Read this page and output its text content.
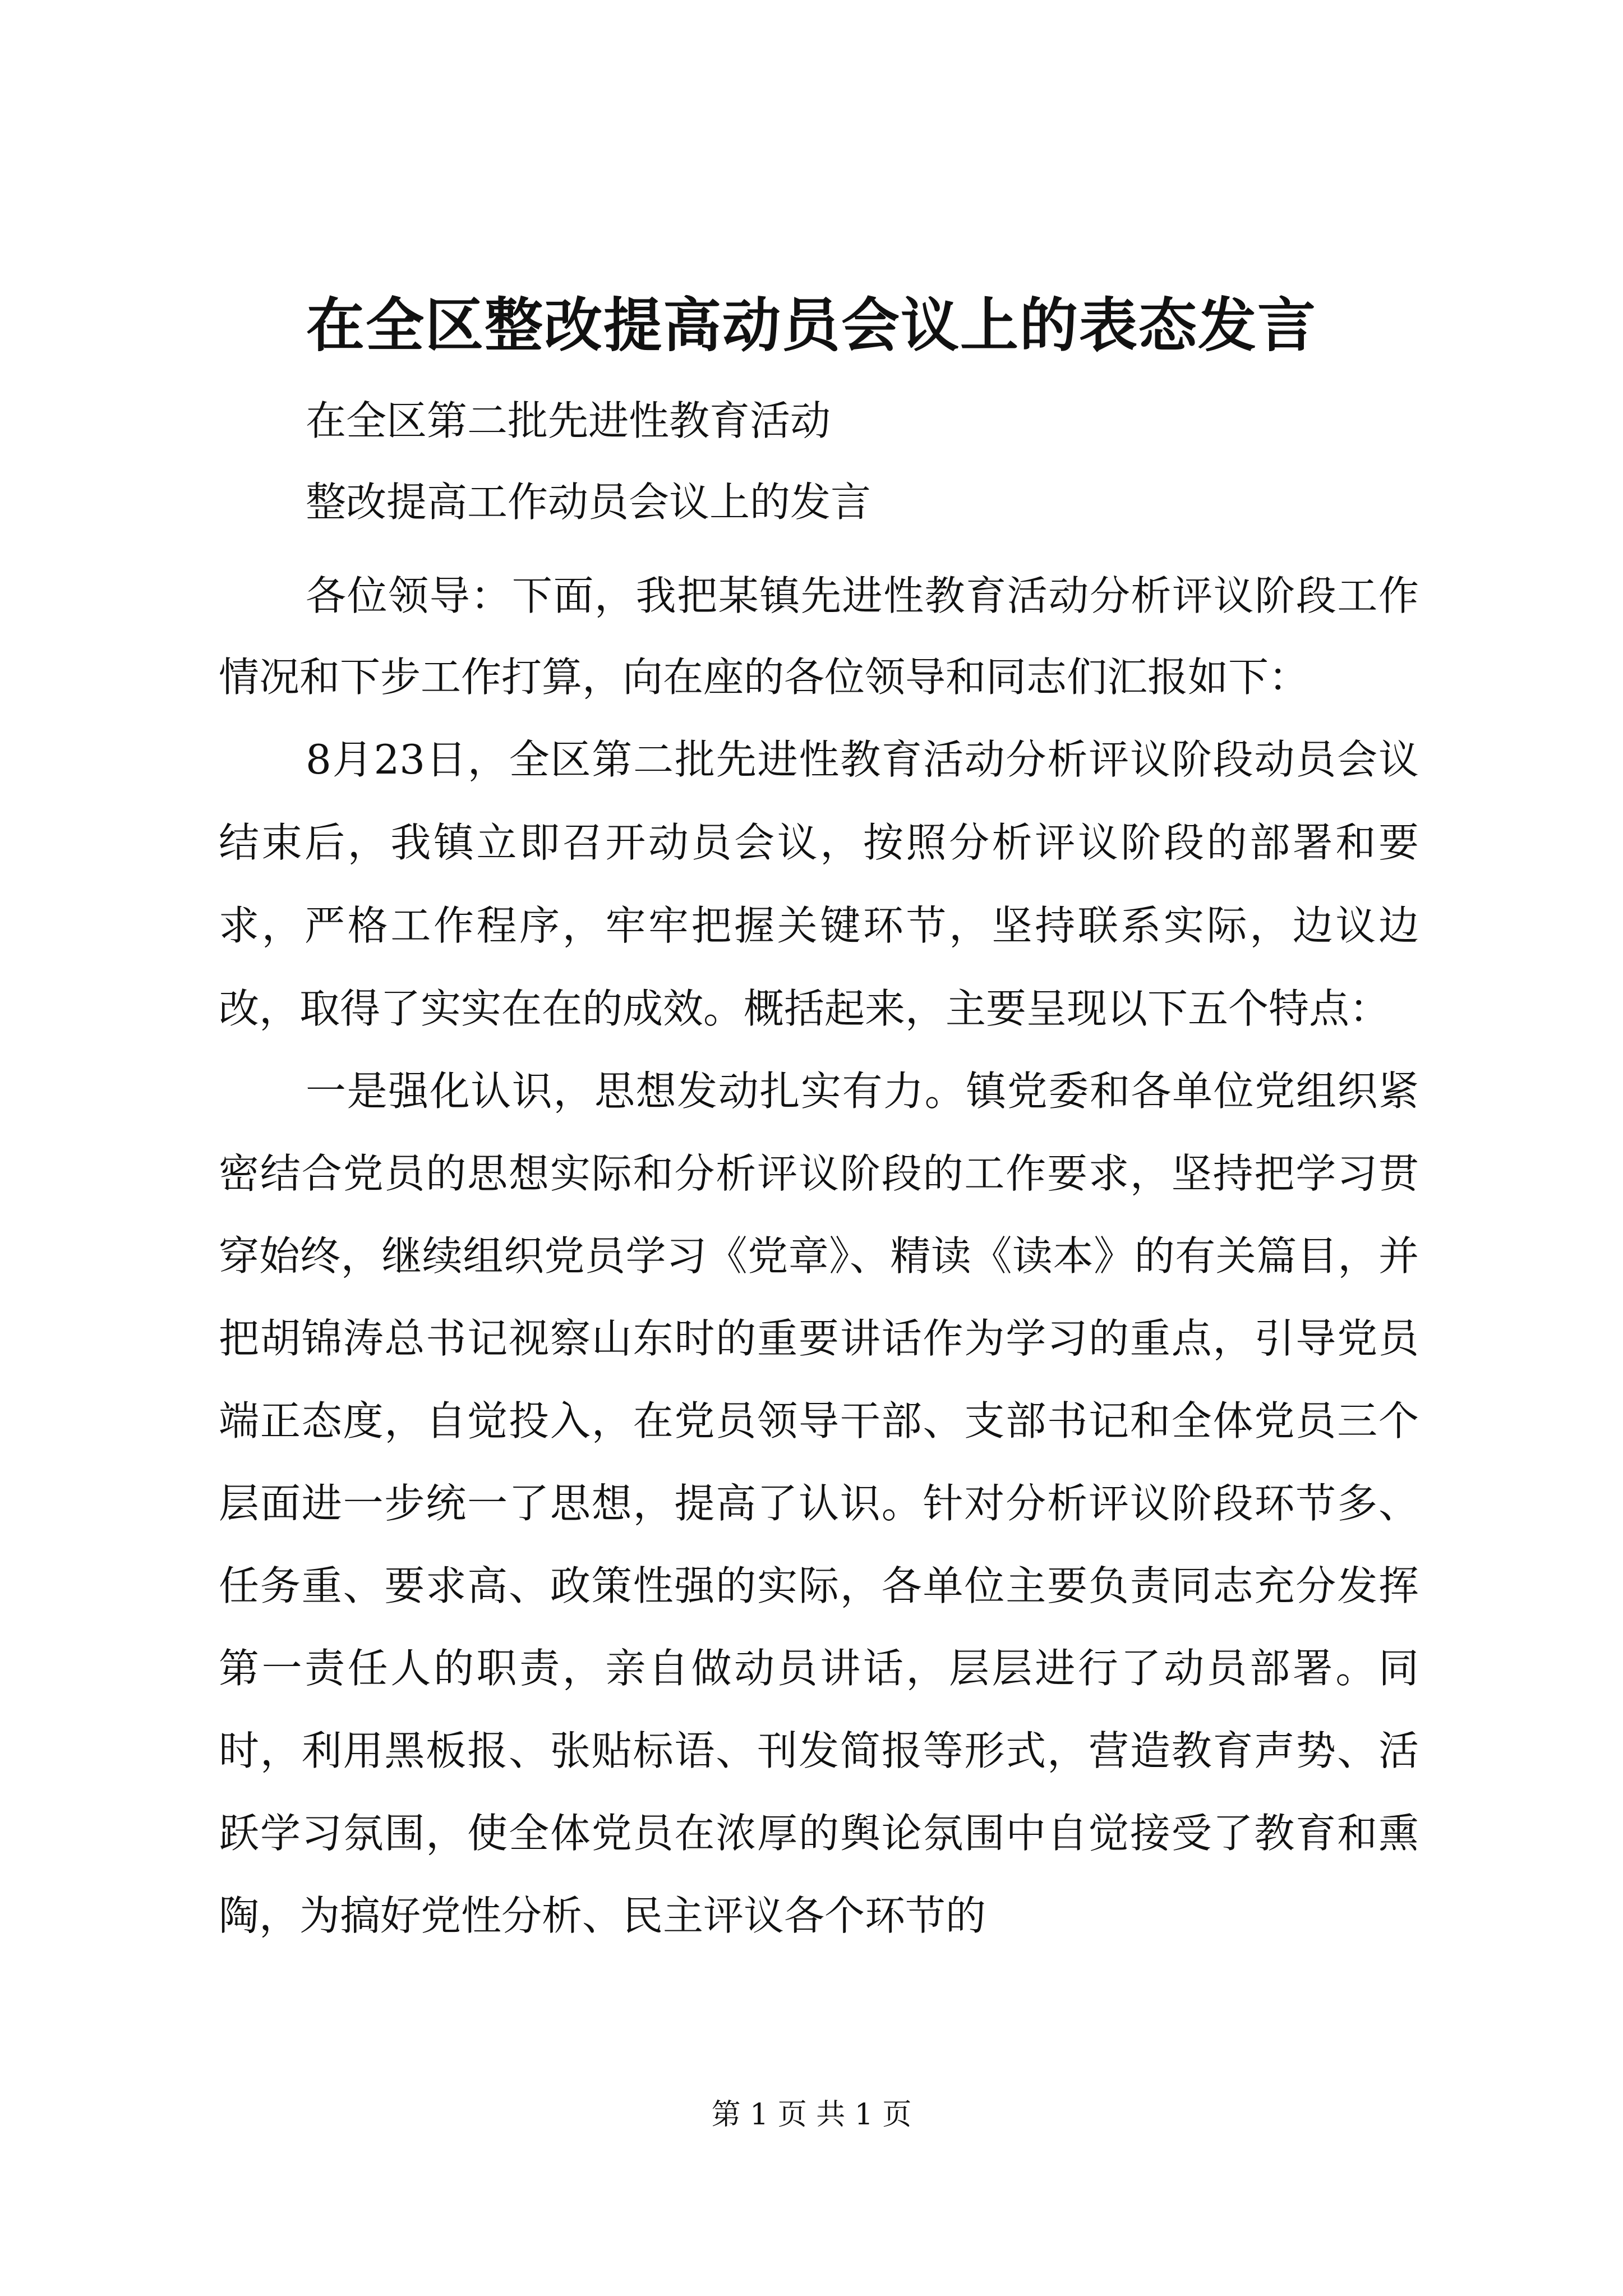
在全区整改提高动员会议上的表态发言
在全区第二批先进性教育活动
整改提高工作动员会议上的发言

各位领导：下面，我把某镇先进性教育活动分析评议阶段工作情况和下步工作打算，向在座的各位领导和同志们汇报如下：

8月23日，全区第二批先进性教育活动分析评议阶段动员会议结束后，我镇立即召开动员会议，按照分析评议阶段的部署和要求，严格工作程序，牢牢把握关键环节，坚持联系实际，边议边改，取得了实实在在的成效。概括起来，主要呈现以下五个特点：

一是强化认识，思想发动扎实有力。镇党委和各单位党组织紧密结合党员的思想实际和分析评议阶段的工作要求，坚持把学习贯穿始终，继续组织党员学习《党章》、精读《读本》的有关篇目，并把胡锦涛总书记视察山东时的重要讲话作为学习的重点，引导党员端正态度，自觉投入，在党员领导干部、支部书记和全体党员三个层面进一步统一了思想，提高了认识。针对分析评议阶段环节多、任务重、要求高、政策性强的实际，各单位主要负责同志充分发挥第一责任人的职责，亲自做动员讲话，层层进行了动员部署。同时，利用黑板报、张贴标语、刊发简报等形式，营造教育声势、活跃学习氛围，使全体党员在浓厚的舆论氛围中自觉接受了教育和熏陶，为搞好党性分析、民主评议各个环节的

第 1 页 共 1 页
